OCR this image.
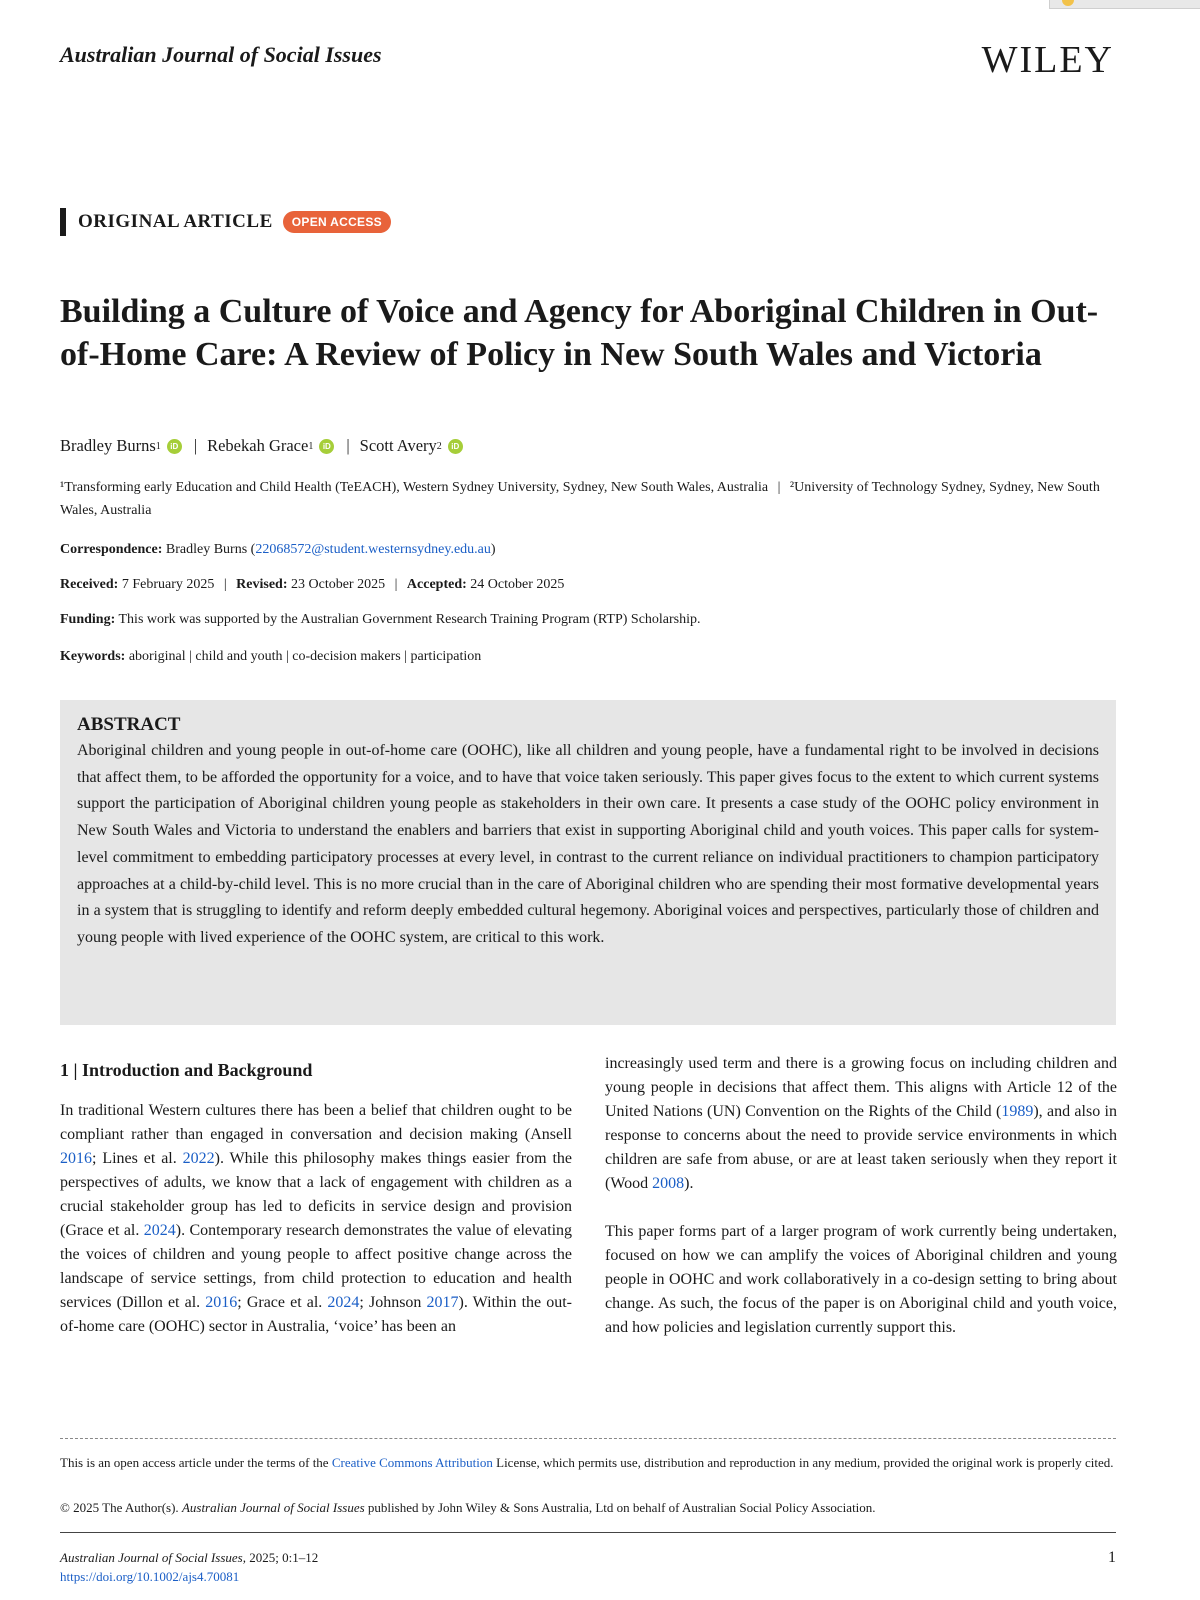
Australian Journal of Social Issues	WILEY
ORIGINAL ARTICLE	OPEN ACCESS
Building a Culture of Voice and Agency for Aboriginal Children in Out-of-Home Care: A Review of Policy in New South Wales and Victoria
Bradley Burns 1	iD | Rebekah Grace 1	iD | Scott Avery 2	iD
¹Transforming early Education and Child Health (TeEACH), Western Sydney University, Sydney, New South Wales, Australia | ²University of Technology Sydney, Sydney, New South Wales, Australia
Correspondence: Bradley Burns (22068572@student.westernsydney.edu.au)
Received: 7 February 2025 | Revised: 23 October 2025 | Accepted: 24 October 2025
Funding: This work was supported by the Australian Government Research Training Program (RTP) Scholarship.
Keywords: aboriginal | child and youth | co-decision makers | participation
ABSTRACT

Aboriginal children and young people in out-of-home care (OOHC), like all children and young people, have a fundamental right to be involved in decisions that affect them, to be afforded the opportunity for a voice, and to have that voice taken seriously. This paper gives focus to the extent to which current systems support the participation of Aboriginal children young people as stakeholders in their own care. It presents a case study of the OOHC policy environment in New South Wales and Victoria to understand the enablers and barriers that exist in supporting Aboriginal child and youth voices. This paper calls for system-level commitment to embedding participatory processes at every level, in contrast to the current reliance on individual practitioners to champion participatory approaches at a child-by-child level. This is no more crucial than in the care of Aboriginal children who are spending their most formative developmental years in a system that is struggling to identify and reform deeply embedded cultural hegemony. Aboriginal voices and perspectives, particularly those of children and young people with lived experience of the OOHC system, are critical to this work.

1 | Introduction and Background

In traditional Western cultures there has been a belief that children ought to be compliant rather than engaged in conversation and decision making (Ansell 2016; Lines et al. 2022). While this philosophy makes things easier from the perspectives of adults, we know that a lack of engagement with children as a crucial stakeholder group has led to deficits in service design and provision (Grace et al. 2024). Contemporary research demonstrates the value of elevating the voices of children and young people to affect positive change across the landscape of service settings, from child protection to education and health services (Dillon et al. 2016; Grace et al. 2024; Johnson 2017). Within the out-of-home care (OOHC) sector in Australia, ‘voice’ has been an

increasingly used term and there is a growing focus on including children and young people in decisions that affect them. This aligns with Article 12 of the United Nations (UN) Convention on the Rights of the Child (1989), and also in response to concerns about the need to provide service environments in which children are safe from abuse, or are at least taken seriously when they report it (Wood 2008).

This paper forms part of a larger program of work currently being undertaken, focused on how we can amplify the voices of Aboriginal children and young people in OOHC and work collaboratively in a co-design setting to bring about change. As such, the focus of the paper is on Aboriginal child and youth voice, and how policies and legislation currently support this.

This is an open access article under the terms of the Creative Commons Attribution License, which permits use, distribution and reproduction in any medium, provided the original work is properly cited.
© 2025 The Author(s). Australian Journal of Social Issues published by John Wiley & Sons Australia, Ltd on behalf of Australian Social Policy Association.
Australian Journal of Social Issues, 2025; 0:1–12
https://doi.org/10.1002/ajs4.70081
1
